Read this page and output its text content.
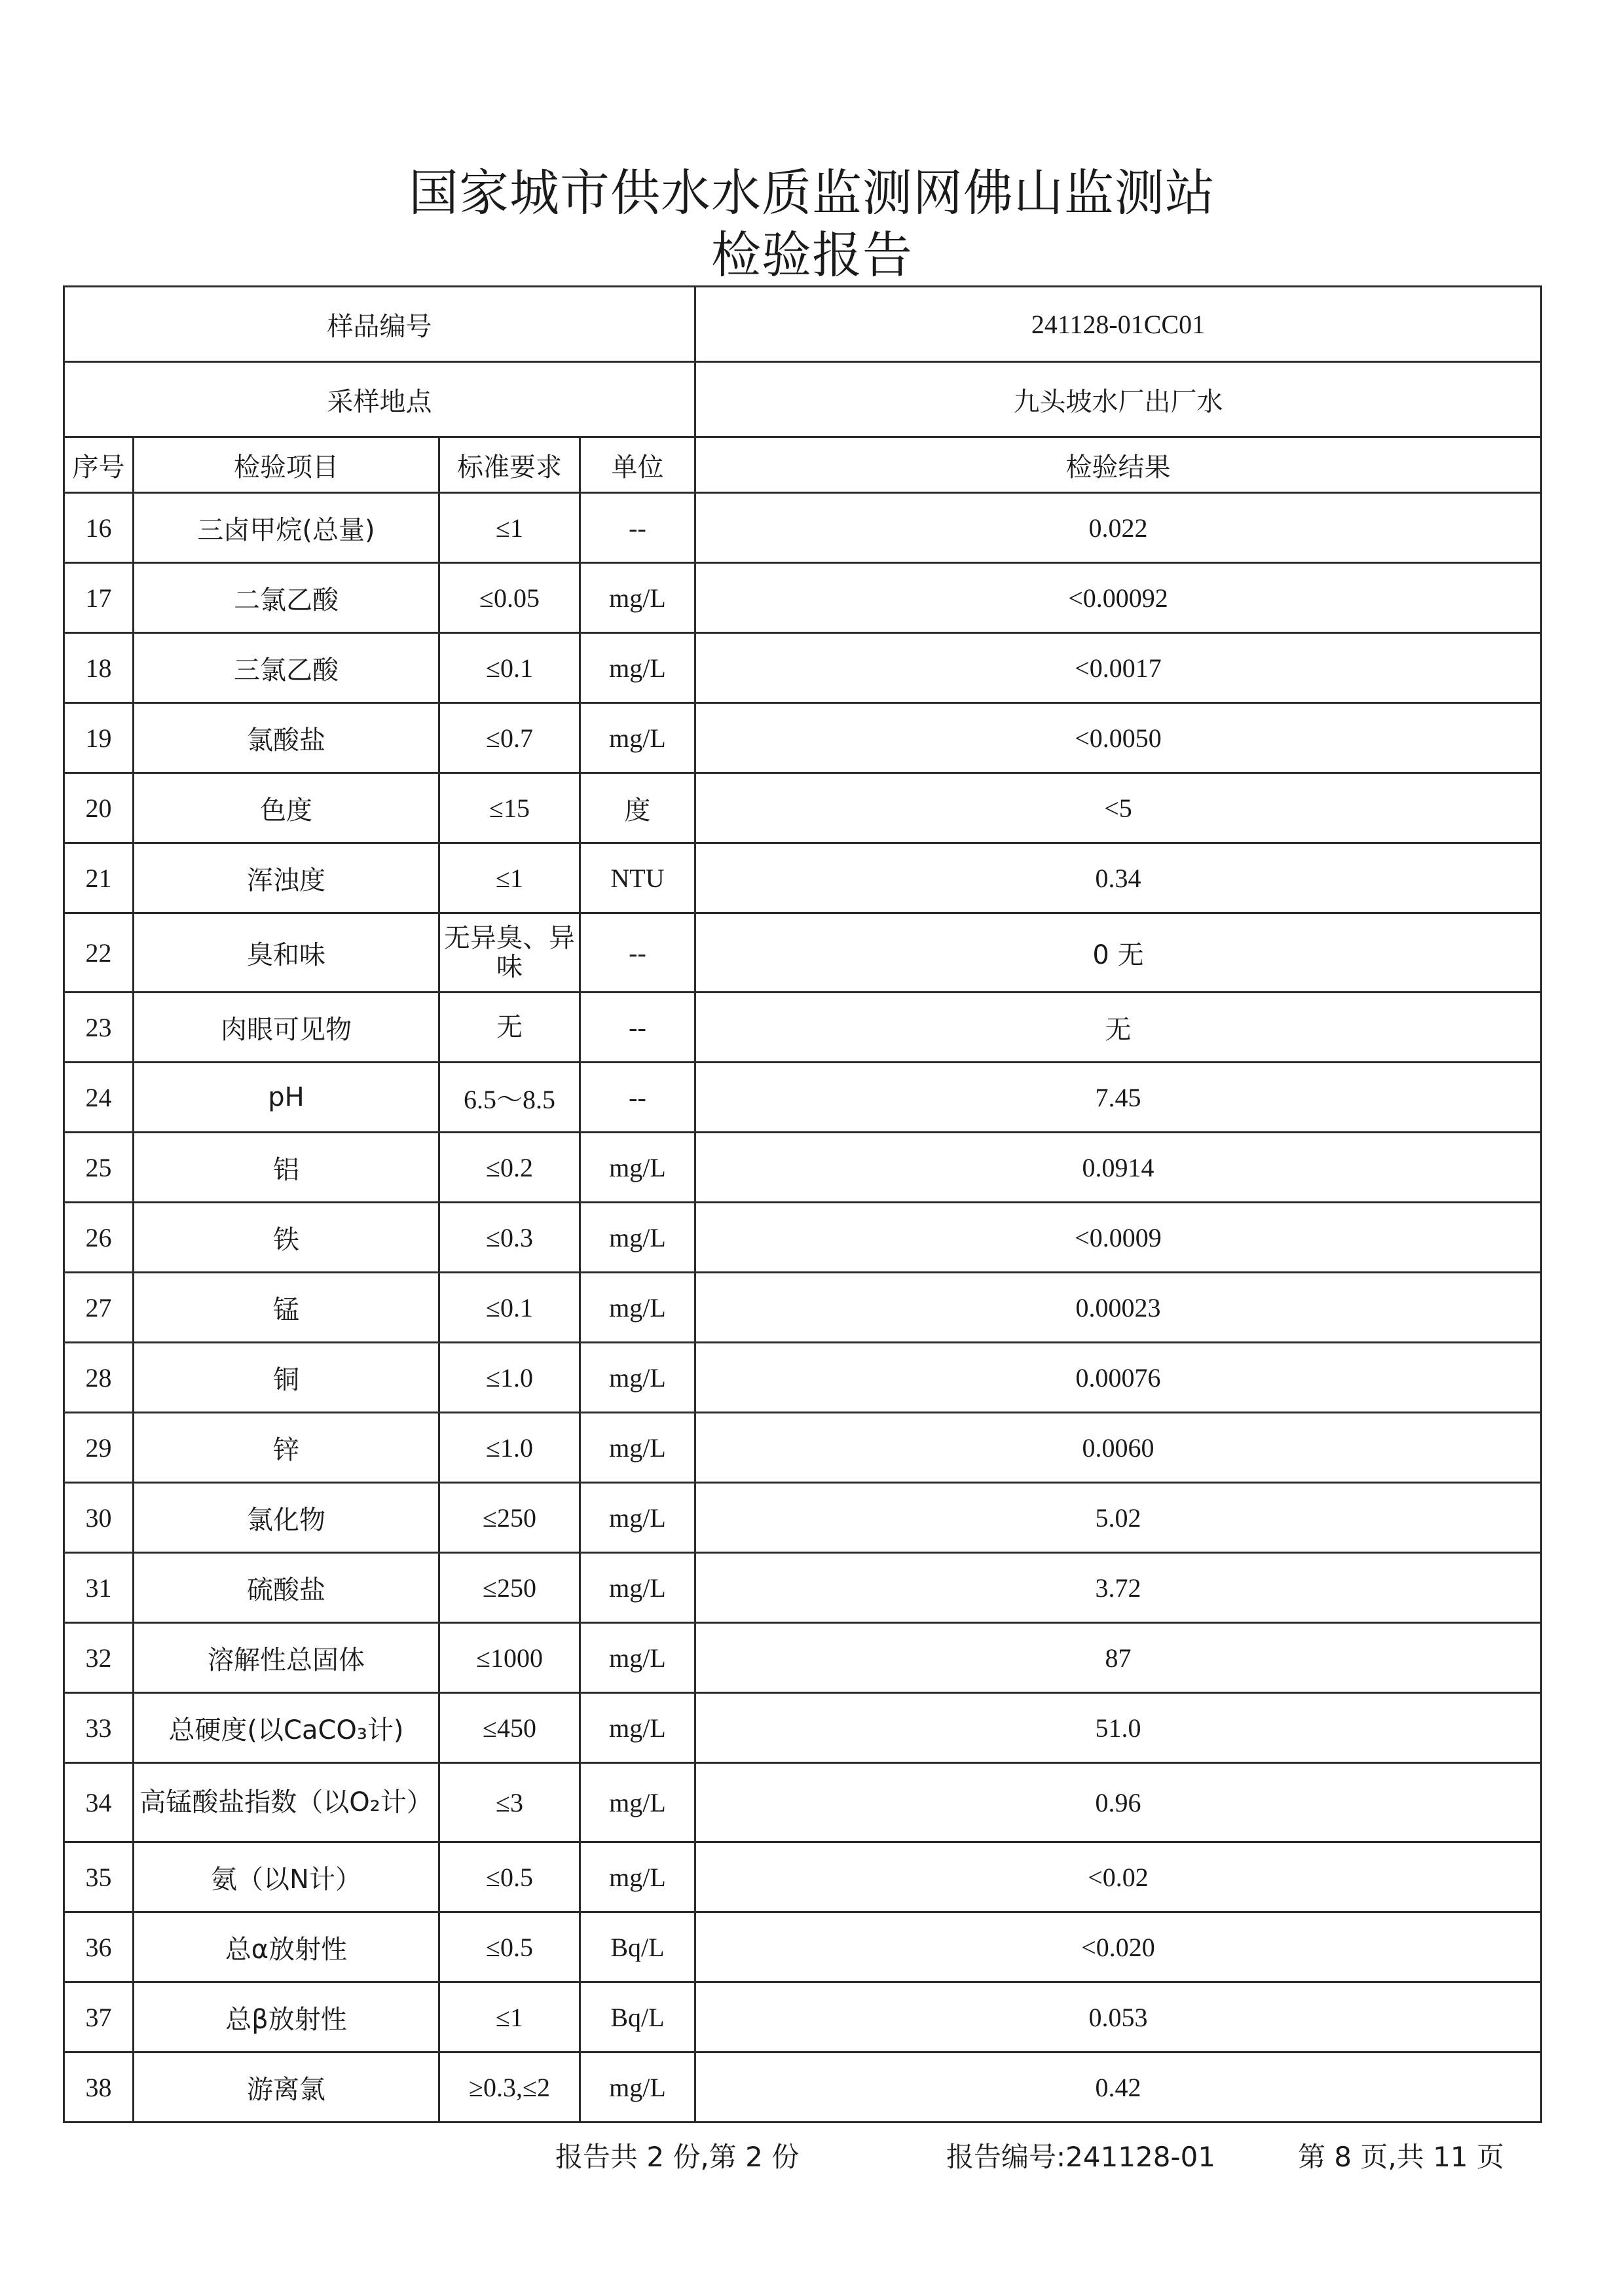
国家城市供水水质监测网佛山监测站
检验报告
样品编号				241128-01CC01
采样地点				九头坡水厂出厂水
序号	检验项目	标准要求	单位	检验结果
16	三卤甲烷(总量)	≤1	--	0.022
17	二氯乙酸	≤0.05	mg/L	<0.00092
18	三氯乙酸	≤0.1	mg/L	<0.0017
19	氯酸盐	≤0.7	mg/L	<0.0050
20	色度	≤15	度	<5
21	浑浊度	≤1	NTU	0.34
22	臭和味	无异臭、异味	--	0 无
23	肉眼可见物	无	--	无
24	pH	6.5～8.5	--	7.45
25	铝	≤0.2	mg/L	0.0914
26	铁	≤0.3	mg/L	<0.0009
27	锰	≤0.1	mg/L	0.00023
28	铜	≤1.0	mg/L	0.00076
29	锌	≤1.0	mg/L	0.0060
30	氯化物	≤250	mg/L	5.02
31	硫酸盐	≤250	mg/L	3.72
32	溶解性总固体	≤1000	mg/L	87
33	总硬度(以CaCO₃计)	≤450	mg/L	51.0
34	高锰酸盐指数（以O₂计）	≤3	mg/L	0.96
35	氨（以N计）	≤0.5	mg/L	<0.02
36	总α放射性	≤0.5	Bq/L	<0.020
37	总β放射性	≤1	Bq/L	0.053
38	游离氯	≥0.3,≤2	mg/L	0.42
报告共 2 份,第 2 份	报告编号:241128-01	第 8 页,共 11 页
